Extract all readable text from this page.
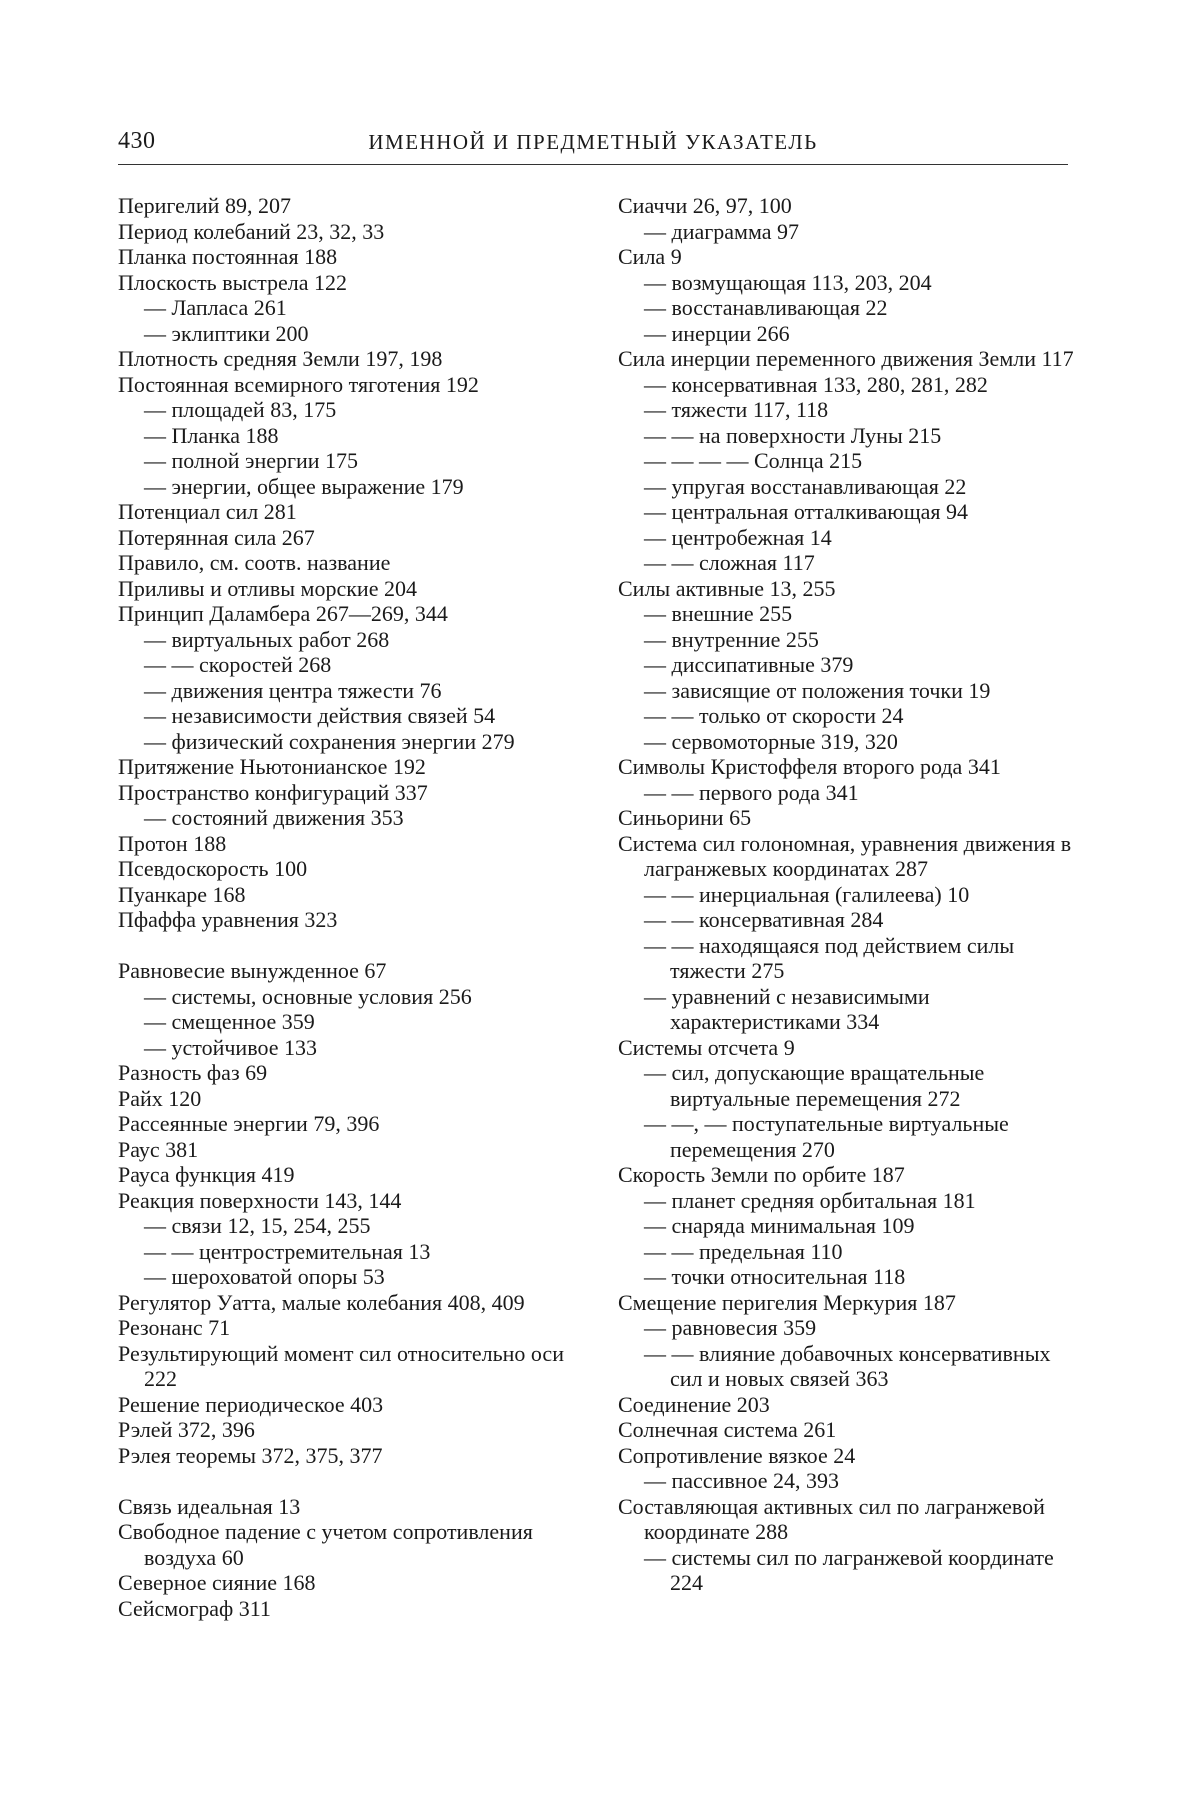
430	ИМЕННОЙ И ПРЕДМЕТНЫЙ УКАЗАТЕЛЬ
Перигелий 89, 207
Период колебаний 23, 32, 33
Планка постоянная 188
Плоскость выстрела 122
— Лапласа 261
— эклиптики 200
Плотность средняя Земли 197, 198
Постоянная всемирного тяготения 192
— площадей 83, 175
— Планка 188
— полной энергии 175
— энергии, общее выражение 179
Потенциал сил 281
Потерянная сила 267
Правило, см. соотв. название
Приливы и отливы морские 204
Принцип Даламбера 267—269, 344
— виртуальных работ 268
— — скоростей 268
— движения центра тяжести 76
— независимости действия связей 54
— физический сохранения энергии 279
Притяжение Ньютонианское 192
Пространство конфигураций 337
— состояний движения 353
Протон 188
Псевдоскорость 100
Пуанкаре 168
Пфаффа уравнения 323
Равновесие вынужденное 67
— системы, основные условия 256
— смещенное 359
— устойчивое 133
Разность фаз 69
Райх 120
Рассеянные энергии 79, 396
Раус 381
Рауса функция 419
Реакция поверхности 143, 144
— связи 12, 15, 254, 255
— — центростремительная 13
— шероховатой опоры 53
Регулятор Уатта, малые колебания 408, 409
Резонанс 71
Результирующий момент сил относительно оси 222
Решение периодическое 403
Рэлей 372, 396
Рэлея теоремы 372, 375, 377
Связь идеальная 13
Свободное падение с учетом сопротивления воздуха 60
Северное сияние 168
Сейсмограф 311
Сиаччи 26, 97, 100
— диаграмма 97
Сила 9
— возмущающая 113, 203, 204
— восстанавливающая 22
— инерции 266
Сила инерции переменного движения Земли 117
— консервативная 133, 280, 281, 282
— тяжести 117, 118
— — на поверхности Луны 215
— — — — Солнца 215
— упругая восстанавливающая 22
— центральная отталкивающая 94
— центробежная 14
— — сложная 117
Силы активные 13, 255
— внешние 255
— внутренние 255
— диссипативные 379
— зависящие от положения точки 19
— — только от скорости 24
— сервомоторные 319, 320
Символы Кристоффеля второго рода 341
— — первого рода 341
Синьорини 65
Система сил голономная, уравнения движения в лагранжевых координатах 287
— — инерциальная (галилеева) 10
— — консервативная 284
— — находящаяся под действием силы тяжести 275
— уравнений с независимыми характеристиками 334
Системы отсчета 9
— сил, допускающие вращательные виртуальные перемещения 272
— —, — поступательные виртуальные перемещения 270
Скорость Земли по орбите 187
— планет средняя орбитальная 181
— снаряда минимальная 109
— — предельная 110
— точки относительная 118
Смещение перигелия Меркурия 187
— равновесия 359
— — влияние добавочных консервативных сил и новых связей 363
Соединение 203
Солнечная система 261
Сопротивление вязкое 24
— пассивное 24, 393
Составляющая активных сил по лагранжевой координате 288
— системы сил по лагранжевой координате 224
